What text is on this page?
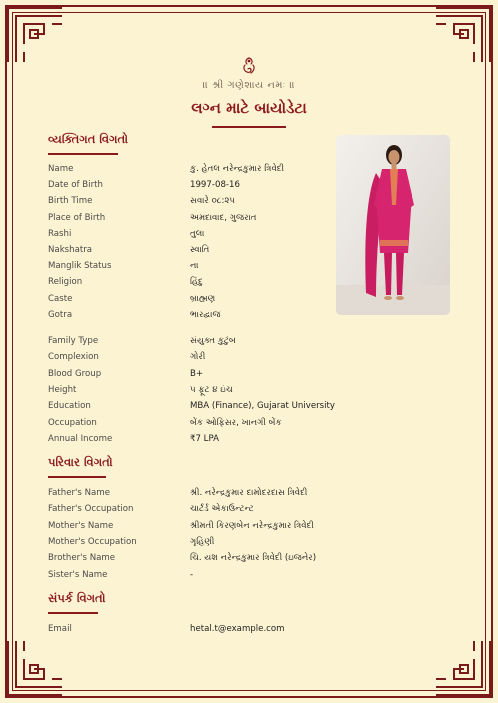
॥ શ્રી ગણેશાય નમઃ ॥
લગ્ન માટે બાયોડેટા
વ્યક્તિગત વિગતો
Name	કુ. હેતલ નરેન્દ્રકુમાર ત્રિવેદી
Date of Birth	1997-08-16
Birth Time	સવારે ૦૮:૨૫
Place of Birth	અમદાવાદ, ગુજરાત
Rashi	તુલા
Nakshatra	સ્વાતિ
Manglik Status	ના
Religion	હિંદુ
Caste	બ્રાહ્મણ
Gotra	ભારદ્વાજ
Family Type	સંયુક્ત કુટુંબ
Complexion	ગોરી
Blood Group	B+
Height	૫ ફૂટ ૪ ઇંચ
Education	MBA (Finance), Gujarat University
Occupation	બેંક ઓફિસર, ખાનગી બેંક
Annual Income	₹7 LPA
પરિવાર વિગતો
Father's Name	શ્રી. નરેન્દ્રકુમાર દામોદરદાસ ત્રિવેદી
Father's Occupation	ચાર્ટર્ડ એકાઉન્ટન્ટ
Mother's Name	શ્રીમતી કિરણબેન નરેન્દ્રકુમાર ત્રિવેદી
Mother's Occupation	ગૃહિણી
Brother's Name	ચિ. યશ નરેન્દ્રકુમાર ત્રિવેદી (ઇજનેર)
Sister's Name	-
સંપર્ક વિગતો
Email	hetal.t@example.com
